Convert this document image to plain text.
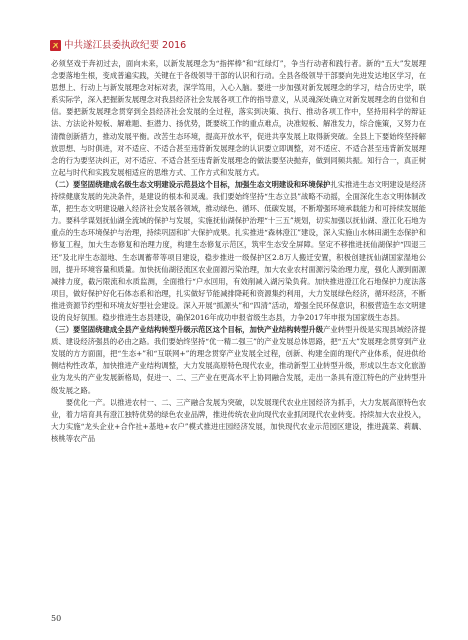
中共遂江县委执政纪要 2016

必须坚戏于奔初过去，面向未来，以新发展理念为“指挥棒”和“红绿灯”，争当行动者和践行者。新的“五大”发展理念要落地生根，变成普遍实践，关键在于各级领导干部的认识和行动。全县各级领导干部要向先进发达地区学习，在思想上、行动上与新发展理念对标对表，深学笃用，入心入脑。要进一步加强对新发展理念的学习，结合历史学，联系实际学，深入把握新发展理念对我县经济社会发展各项工作的指导意义，从灵魂深处确立对新发展理念的自觉和自信。要把新发展理念贯穿到全县经济社会发展的全过程，落实到决策、执行、推动各项工作中，坚持用科学的辩证法、方法论补短板、解难题、拒潜力、扬优势，既要统工作的重点难点，决准短板、解准发力，综合施策，又努力在清微创新措力，推动发展平衡。改苦生态环境，提高开放水平，促进共享发展上取得新突破。全县上下要始终坚持解放思想、与时俱进，对不适应、不适合甚至违背新发展理念的认识要立即调整，对不适应、不适合甚至违背新发展理念的行为要坚决纠正，对不适应、不适合甚至违背新发展理念的做法要坚决抛弃，做到同频共振。知行合一，真正树立起与时代和实践发展相适应的思维方式、工作方式和发展方式。

（二）要坚固绕建成名级生态文明建设示范县这个目标，加强生态文明建设和环境保护扎实推进生态文明建设是经济持续健康发展的先决条件，是建设的根本和灵魂。我们要始终坚持“生态立县”战略不动摇，全面深化生态文明体制改革，把生态文明建设融入经济社会发展各领域，推动绿色、循环、低碳发展，不断增强环境承载能力和可持续发展能力。要科学谋划抚仙湖全流域的保护与发展，实施抚仙湖保护治理“十三五”规划，切实加强以抚仙湖、澄江化石地为重点的生态环境保护与治理，持续巩固和扩大保护成果。扎实推进“森林澄江”建设，深入实施山水林田湖生态保护和修复工程，加大生态修复和治理力度，构建生态修复示范区，筑牢生态安全屏障。坚定不移推进抚仙湖保护“四退三还”及北岸生态湿地、生态调蓄带等项目建设，稳步推进一级保护区2.8万人搬迁安置，积极创建抚仙湖国家湿地公园，提升环境容量和质量。加快抚仙湖径流区农业面源污染治理，加大农业农村面源污染治理力度，强化人源到面源减排力度，截污限流和水质监测，全面推行“户水回用，有效削减入湖污染负荷。加快推进澄江化石地保护力度法落项目，做好保护好化石体态系和治理，扎实做好节能减排降耗和资源集约利用，大力发展绿色经济，循环经济，不断推进资源节约型和环境友好型社会建设。深入开展“抓源头”和“四清”活动，增强全民环保意识，积极营造生态文明建设的良好氛围。稳步推进生态县建设，确保2016年成功申报省级生态县，力争2017年申报为国家级生态县。

（三）要坚固绕建成全县产业结构转型升级示范区这个目标，加快产业结构转型升级产业转型升级是实现县域经济提质、建设经济强县的必由之路。我们要始终坚持“优一精二强三”的产业发展总体思路，把“五大”发展理念贯穿到产业发展的方方面面，把“生态+”和“互联网+”的理念贯穿产业发展全过程，创新、构建全面的现代产业体系，促进供给侧结构性改革，加快推进产业结构调整，大力发展高原特色现代农业，推动新型工业转型升级，形成以生态文化旅游业为龙头的产业发展新格局，促进一、二、三产业在更高水平上协同融合发展，走出一条具有澄江特色的产业转型升级发展之路。

要优化一产。以推进农村一、二、三产融合发展为突破，以发展现代农业庄园经济为抓手，大力发展高原特色农业，着力培育具有澄江独特优势的绿色农业品牌，推进传统农业向现代农业抓闭现代农业转变。持续加大农业投入，大力实施“龙头企业+合作社+基地+农户”模式推进庄园经济发展，加快现代农业示范园区建设，推进蔬菜、莉藕、核桃等农产品

50
